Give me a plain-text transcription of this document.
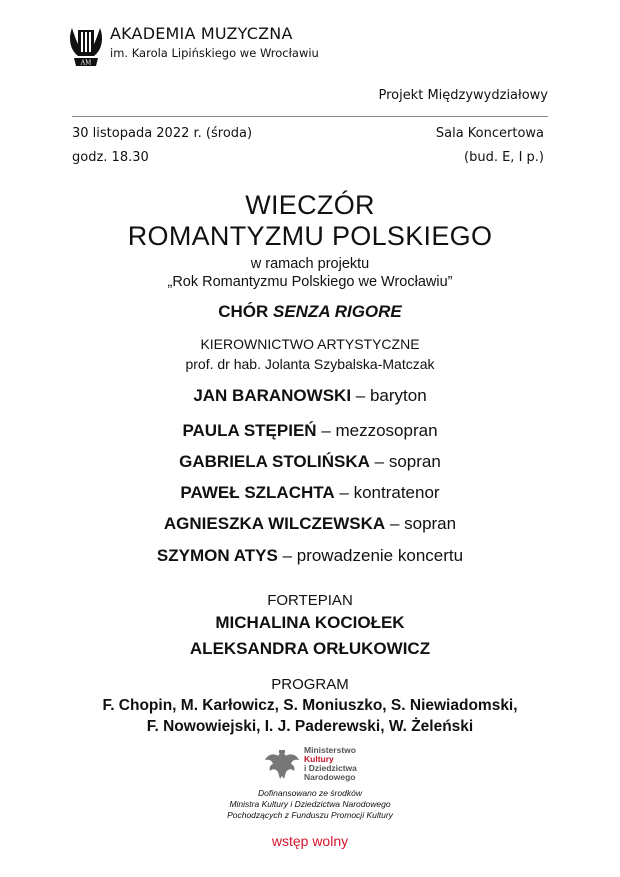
AM
AKADEMIA MUZYCZNA
im. Karola Lipińskiego we Wrocławiu
Projekt Międzywydziałowy
30 listopada 2022 r. (środa)
godz. 18.30
Sala Koncertowa
(bud. E, I p.)
WIECZÓR
ROMANTYZMU POLSKIEGO
w ramach projektu
„Rok Romantyzmu Polskiego we Wrocławiu”
CHÓR SENZA RIGORE
KIEROWNICTWO ARTYSTYCZNE
prof. dr hab. Jolanta Szybalska-Matczak
JAN BARANOWSKI – baryton
PAULA STĘPIEŃ – mezzosopran
GABRIELA STOLIŃSKA – sopran
PAWEŁ SZLACHTA – kontratenor
AGNIESZKA WILCZEWSKA – sopran
SZYMON ATYS – prowadzenie koncertu
FORTEPIAN
MICHALINA KOCIOŁEK
ALEKSANDRA ORŁUKOWICZ
PROGRAM
F. Chopin, M. Karłowicz, S. Moniuszko, S. Niewiadomski,
F. Nowowiejski, I. J. Paderewski, W. Żeleński
Ministerstwo
Kultury
i Dziedzictwa
Narodowego
Dofinansowano ze środków
Ministra Kultury i Dziedzictwa Narodowego
Pochodzących z Funduszu Promocji Kultury
wstęp wolny
